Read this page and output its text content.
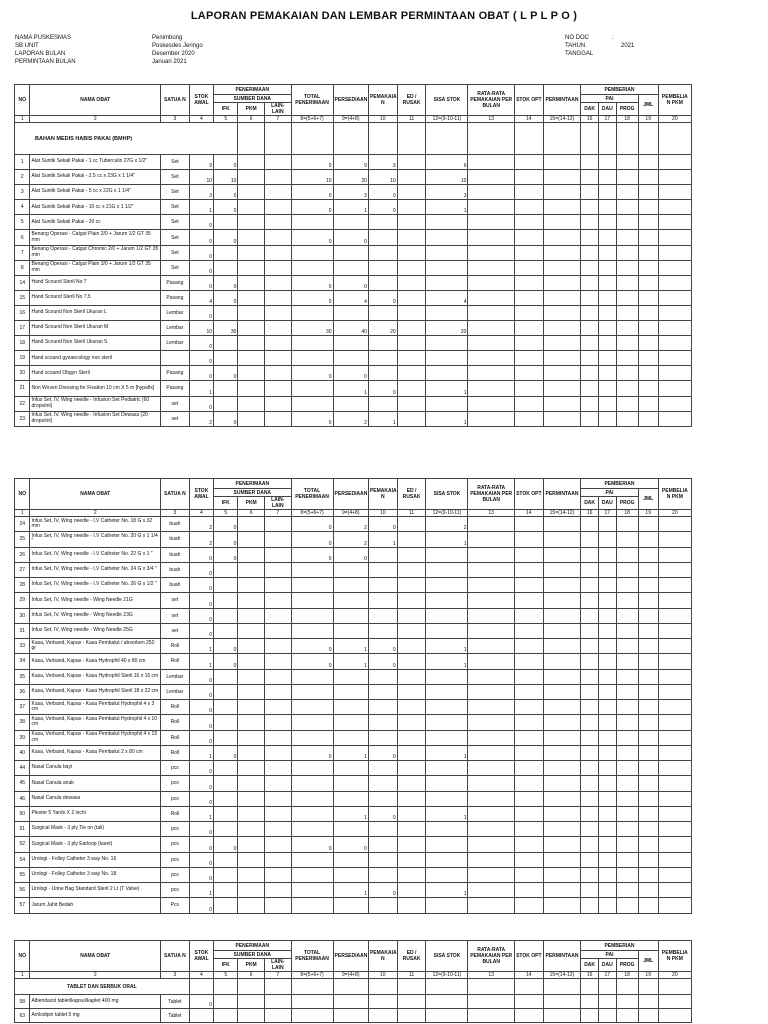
LAPORAN PEMAKAIAN DAN LEMBAR PERMINTAAN OBAT ( L P L P O )
NAMA PUSKESMAS
SB UNIT
LAPORAN BULAN
PERMINTAAN BULAN
Penimbung
Poskesdes Jeringo
Desember 2020
Januari 2021
NO DOC
TAHUN
TANGGAL
:
2021
NO	NAMA OBAT	SATUA N	STOK AWAL	PENERIMAAN			TOTAL PENERIMAAN	PERSEDIAAN	PEMAKAIA N	ED / RUSAK	SISA STOK	RATA-RATA PEMAKAIAN PER BULAN	STOK OPT	PERMINTAAN	PEMBERIAN				PEMBELIA N PKM
				SUMBER DANA											PAI			JML	
				IFK	PKM	LAIN-LAIN									DAK	DAU	PROG		
1	2	3	4	5	6	7	8=(5+6+7)	9=(4+8)	10	11	12=(9-10-11)	13	14	15=(14-12)	16	17	18	19	20
BAHAN MEDIS HABIS PAKAI (BMHP)																			
1	Alat Suntik Sekali Pakai - 1 cc Tuberculin 27G x 1/2"	Set	9	0			0	9	3		6								
2	Alat Suntik Sekali Pakai - 2.5 cc x 23G x 1 1/4"	Set	10	10			10	20	10		10								
3	Alat Suntik Sekali Pakai - 5 cc x 22G x 1 1/4"	Set	3	0			0	3	0		3								
4	Alat Suntik Sekali Pakai - 10 cc x 21G x 1 1/2"	Set	1	0			0	1	0		1								
5	Alat Suntik Sekali Pakai - 20 cc	Set	0																
6	Benang Operasi - Catgut Plain 2/0 + Jarum 1/2 GT 35 mm	Set	0	0			0	0											
7	Benang Operasi - Catgut Chromic 2/0 + Jarum 1/2 GT 35 mm	Set	0																
8	Benang Operasi - Catgut Plain 3/0 + Jarum 1/2 GT 35 mm	Set	0																
14	Hand Scound Steril No 7	Pasang	0	0			0	0											
15	Hand Scound Steril No 7,5	Pasang	4	0			0	4	0		4								
16	Hand Scound Non Steril Ukuran L	Lembar	0																
17	Hand Scound Non Steril Ukuran M	Lembar	10	30			30	40	20		20								
18	Hand Scound Non Steril Ukuran S	Lembar	0																
19	Hand scound gynaecology non steril		0																
20	Hand scound Obgyn Steril	Pasang	0	0			0	0											
21	Non Woven Dressing for Fixation 10 cm X 5 m [hypafix]	Pasang	1					1	0		1								
22	Infus Set, IV, Wing needle - Infusion Set Pediatric (60 drops/ml)	set	0																
23	Infus Set, IV, Wing needle - Infusion Set Dewasa (20 drops/ml)	set	2	0			0	2	1		1								
NO	NAMA OBAT	SATUA N	STOK AWAL	PENERIMAAN			TOTAL PENERIMAAN	PERSEDIAAN	PEMAKAIA N	ED / RUSAK	SISA STOK	RATA-RATA PEMAKAIAN PER BULAN	STOK OPT	PERMINTAAN	PEMBERIAN				PEMBELIA N PKM
				SUMBER DANA											PAI			JML	
				IFK	PKM	LAIN-LAIN									DAK	DAU	PROG		
1	2	3	4	5	6	7	8=(5+6+7)	9=(4+8)	10	11	12=(9-10-11)	13	14	15=(14-12)	16	17	18	19	20
24	Infus Set, IV, Wing needle - I.V Catheter No. 18 G x 32 mm	buah	2	0			0	2	0		2								
25	Infus Set, IV, Wing needle - I.V Catheter No. 20 G x 1 1/4 "	buah	2	0			0	2	1		1								
26	Infus Set, IV, Wing needle - I.V Catheter No. 22 G x 1 "	buah	0	0			0	0											
27	Infus Set, IV, Wing needle - I.V Catheter No. 24 G x 3/4 "	buah	0																
28	Infus Set, IV, Wing needle - I.V Catheter No. 26 G x 1/2 "	buah	0																
29	Infus Set, IV, Wing needle - Wing Needle 21G	set	0																
30	Infus Set, IV, Wing needle - Wing Needle 23G	set	0																
31	Infus Set, IV, Wing needle - Wing Needle 25G	set	0																
33	Kasa, Verband, Kapas - Kasa Pembalut / absorben 250 gr	Roll	1	0			0	1	0		1								
34	Kasa, Verband, Kapas - Kasa Hydrophil 40 x 80 cm	Roll	1	0			0	1	0		1								
35	Kasa, Verband, Kapas - Kasa Hydrophil Steril 16 x 16 cm	Lembar	0																
36	Kasa, Verband, Kapas - Kasa Hydrophil Steril 18 x 22 cm	Lembar	0																
37	Kasa, Verband, Kapas - Kasa Pembalut Hydrophil 4 x 3 cm	Roll	0																
38	Kasa, Verband, Kapas - Kasa Pembalut Hydrophil 4 x 10 cm	Roll	0																
39	Kasa, Verband, Kapas - Kasa Pembalut Hydrophil 4 x 15 cm	Roll	0																
40	Kasa, Verband, Kapas - Kasa Pembalut 2 x 80 cm	Roll	1	0			0	1	0		1								
44	Nasal Canula bayi	pcs	0																
45	Nasal Canula anak	pcs	0																
46	Nasal Canula dewasa	pcs	0																
50	Plester 5 Yards X 2 inchi	Roll	1					1	0		1								
51	Surgical Mask - 3 ply Tie on (tali)	pcs	0																
52	Surgical Mask - 3 ply Earloop (karet)	pcs	0	0			0	0											
54	Urologi - Folley Catheter 3 way No. 16	pcs	0																
55	Urologi - Folley Catheter 3 way No. 18	pcs	0																
56	Urologi - Urine Bag Standard Steril 2 Lt (T Valve)	pcs	1					1	0		1								
57	Jarum Jahit Bedah	Pcs	0																
NO	NAMA OBAT	SATUA N	STOK AWAL	PENERIMAAN			TOTAL PENERIMAAN	PERSEDIAAN	PEMAKAIA N	ED / RUSAK	SISA STOK	RATA-RATA PEMAKAIAN PER BULAN	STOK OPT	PERMINTAAN	PEMBERIAN				PEMBELIA N PKM
				SUMBER DANA											PAI			JML	
				IFK	PKM	LAIN-LAIN									DAK	DAU	PROG		
1	2	3	4	5	6	7	8=(5+6+7)	9=(4+8)	10	11	12=(9-10-11)	13	14	15=(14-12)	16	17	18	19	20
TABLET DAN SERBUK ORAL																			
58	Albendazol tablet/kapsul/kaplet 400 mg	Tablet	0																
63	Amlodipin tablet 5 mg	Tablet																	
